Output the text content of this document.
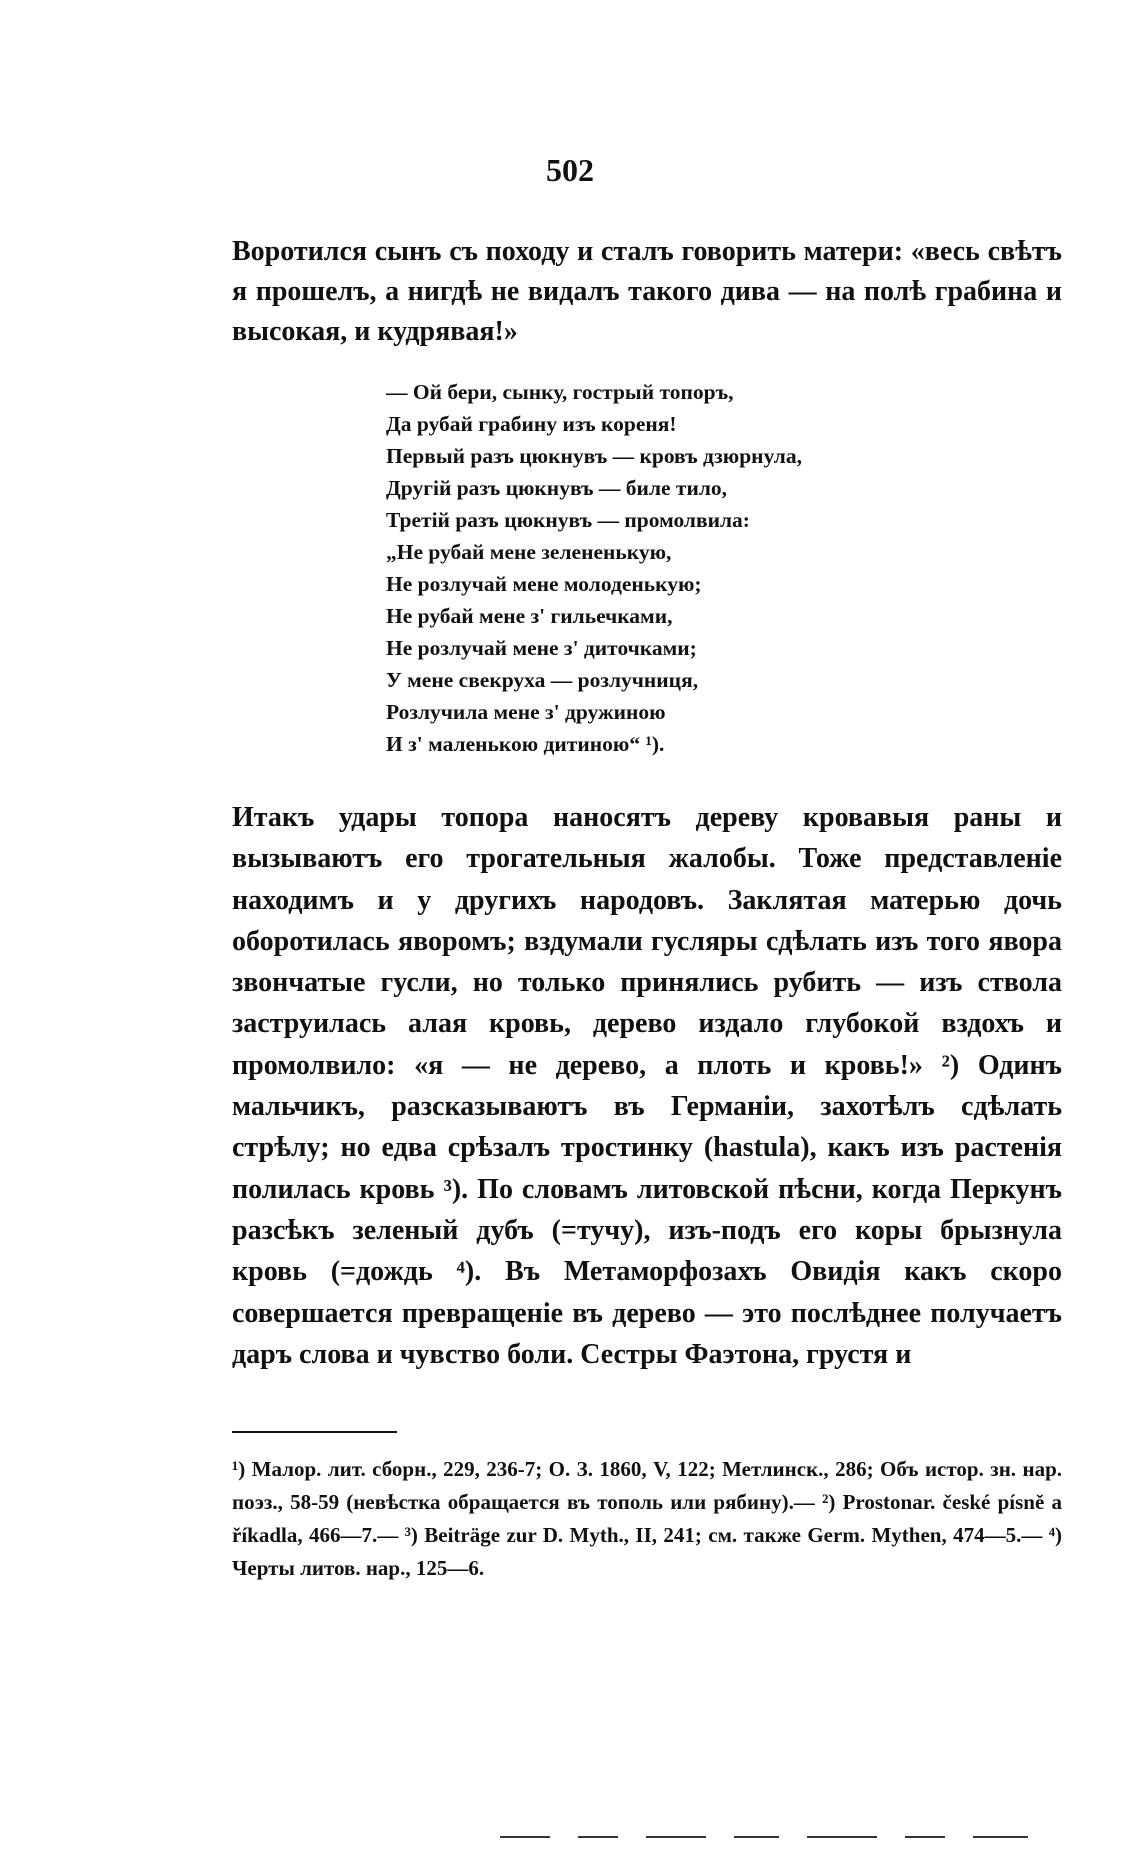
502

Воротился сынъ съ походу и сталъ говорить матери: «весь свѣтъ я прошелъ, а нигдѣ не видалъ такого дива — на полѣ грабина и высокая, и кудрявая!»

— Ой бери, сынку, гострый топоръ,
Да рубай грабину изъ кореня!
Первый разъ цюкнувъ — кровъ дзюрнула,
Другій разъ цюкнувъ — биле тило,
Третій разъ цюкнувъ — промолвила:
„Не рубай мене зелененькую,
Не розлучай мене молоденькую;
Не рубай мене з' гильечками,
Не розлучай мене з' диточками;
У мене свекруха — розлучниця,
Розлучила мене з' дружиною
И з' маленькою дитиною“ ¹).

Итакъ удары топора наносятъ дереву кровавыя раны и вызываютъ его трогательныя жалобы. Тоже представленіе находимъ и у другихъ народовъ. Заклятая матерью дочь оборотилась яворомъ; вздумали гусляры сдѣлать изъ того явора звончатые гусли, но только принялись рубить — изъ ствола заструилась алая кровь, дерево издало глубокой вздохъ и промолвило: «я — не дерево, а плоть и кровь!» ²) Одинъ мальчикъ, разсказываютъ въ Германіи, захотѣлъ сдѣлать стрѣлу; но едва срѣзалъ тростинку (hastula), какъ изъ растенія полилась кровь ³). По словамъ литовской пѣсни, когда Перкунъ разсѣкъ зеленый дубъ (=тучу), изъ-подъ его коры брызнула кровь (=дождь ⁴). Въ Метаморфозахъ Овидія какъ скоро совершается превращеніе въ дерево — это послѣднее получаетъ даръ слова и чувство боли. Сестры Фаэтона, грустя и

¹) Малор. лит. сборн., 229, 236-7; О. З. 1860, V, 122; Метлинск., 286; Объ истор. зн. нар. поэз., 58-59 (невѣстка обращается въ тополь или рябину).— ²) Prostonar. české písně a říkadla, 466—7.— ³) Beiträge zur D. Myth., II, 241; см. также Germ. Mythen, 474—5.— ⁴) Черты литов. нар., 125—6.
